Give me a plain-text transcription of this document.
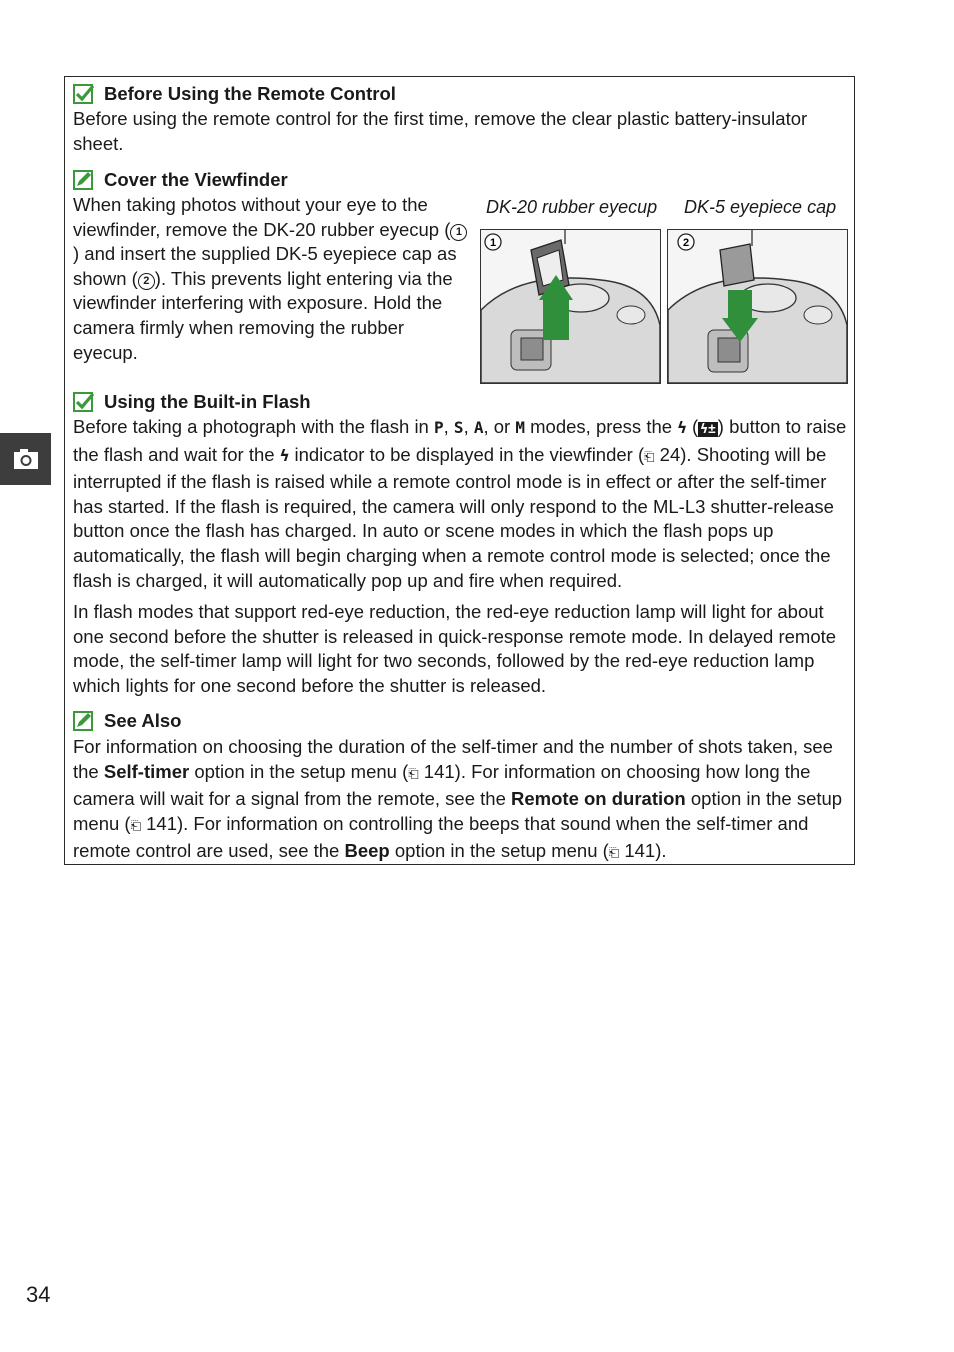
Before Using the Remote Control

Before using the remote control for the first time, remove the clear plastic battery-insulator sheet.

Cover the Viewfinder

When taking photos without your eye to the viewfinder, remove the DK-20 rubber eyecup ( 1) and insert the supplied DK-5 eyepiece cap as shown ( 2 ). This prevents light entering via the viewfinder interfering with exposure. Hold the camera firmly when removing the rubber eyecup.

DK-20 rubber eyecup DK-5 eyepiece cap
1	2
Using the Built-in Flash

Before taking a photograph with the flash in P, S, A, or M modes, press the ϟ ( ϟ± ) button to raise the flash and wait for the ϟ indicator to be displayed in the viewfinder (⎗ 24). Shooting will be interrupted if the flash is raised while a remote control mode is in effect or after the self-timer has started. If the flash is required, the camera will only respond to the ML-L3 shutter-release button once the flash has charged. In auto or scene modes in which the flash pops up automatically, the flash will begin charging when a remote control mode is selected; once the flash is charged, it will automatically pop up and fire when required.

In flash modes that support red-eye reduction, the red-eye reduction lamp will light for about one second before the shutter is released in quick-response remote mode. In delayed remote mode, the self-timer lamp will light for two seconds, followed by the red-eye reduction lamp which lights for one second before the shutter is released.

See Also

For information on choosing the duration of the self-timer and the number of shots taken, see the Self-timer option in the setup menu (⎗ 141). For information on choosing how long the camera will wait for a signal from the remote, see the Remote on duration option in the setup menu (⎗ 141). For information on controlling the beeps that sound when the self-timer and remote control are used, see the Beep option in the setup menu (⎗ 141).

34
